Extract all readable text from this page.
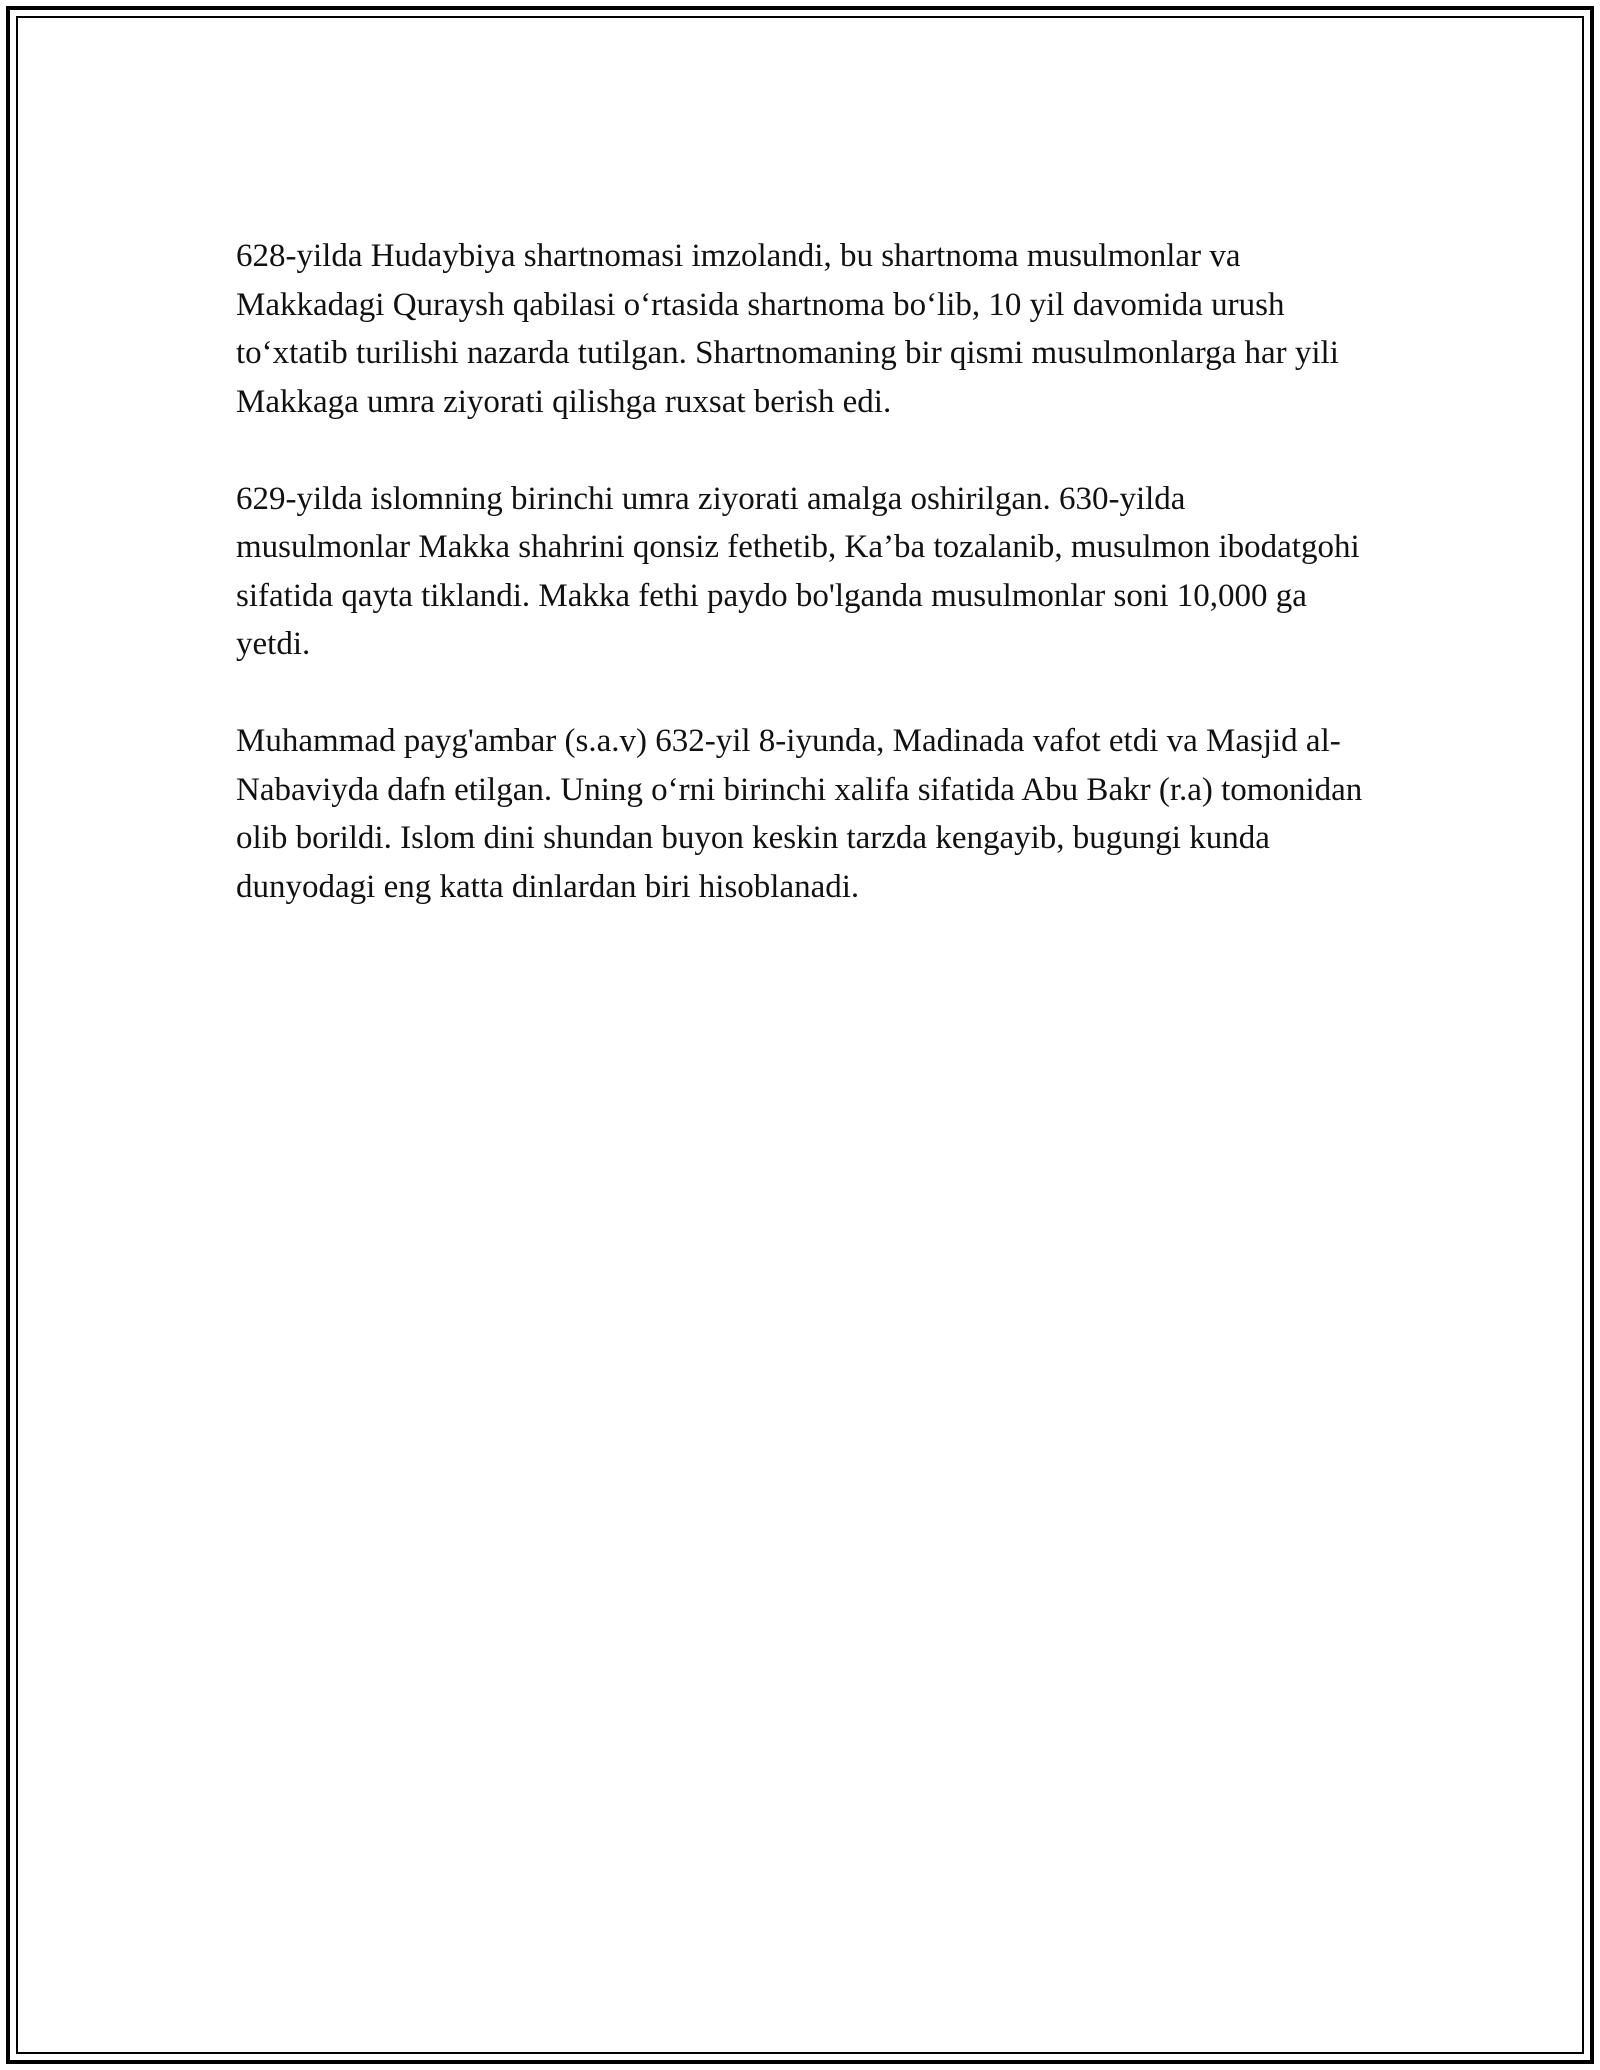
628-yilda Hudaybiya shartnomasi imzolandi, bu shartnoma musulmonlar va Makkadagi Quraysh qabilasi o‘rtasida shartnoma bo‘lib, 10 yil davomida urush to‘xtatib turilishi nazarda tutilgan. Shartnomaning bir qismi musulmonlarga har yili Makkaga umra ziyorati qilishga ruxsat berish edi.

629-yilda islomning birinchi umra ziyorati amalga oshirilgan. 630-yilda musulmonlar Makka shahrini qonsiz fethetib, Ka’ba tozalanib, musulmon ibodatgohi sifatida qayta tiklandi. Makka fethi paydo bo'lganda musulmonlar soni 10,000 ga yetdi.

Muhammad payg'ambar (s.a.v) 632-yil 8-iyunda, Madinada vafot etdi va Masjid al-Nabaviyda dafn etilgan. Uning o‘rni birinchi xalifa sifatida Abu Bakr (r.a) tomonidan olib borildi. Islom dini shundan buyon keskin tarzda kengayib, bugungi kunda dunyodagi eng katta dinlardan biri hisoblanadi.
